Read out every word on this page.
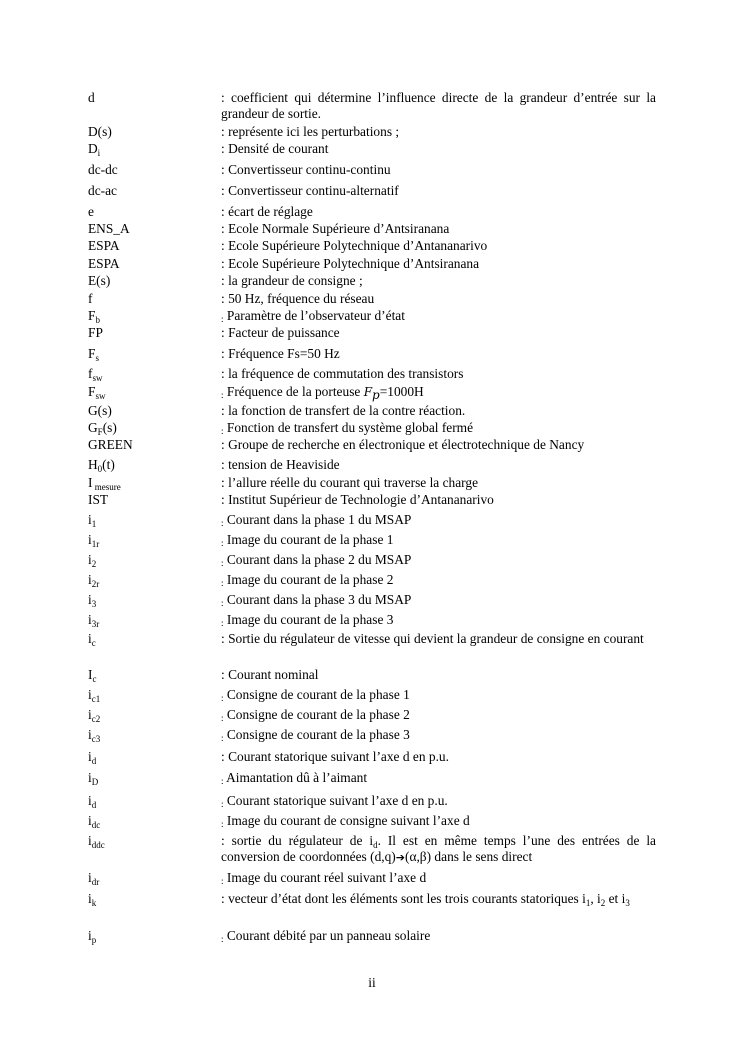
d	: coefficient qui détermine l’influence directe de la grandeur d’entrée sur la grandeur de sortie.
D(s)	: représente ici les perturbations ;
$D_i$	: Densité de courant
dc-dc	: Convertisseur continu-continu
dc-ac	: Convertisseur continu-alternatif
e	: écart de réglage
ENS_A	: Ecole Normale Supérieure d’Antsiranana
ESPA	: Ecole Supérieure Polytechnique d’Antananarivo
ESPA	: Ecole Supérieure Polytechnique d’Antsiranana
E(s)	: la grandeur de consigne ;
f	: 50 Hz, fréquence du réseau
$F_b$	: Paramètre de l’observateur d’état
FP	: Facteur de puissance
$F_s$	: Fréquence Fs=50 Hz
$f_{sw}$	: la fréquence de commutation des transistors
$F_{sw}$	: Fréquence de la porteuse $F_p=1000H$
G(s)	: la fonction de transfert de la contre réaction.
$G_F(s)$	: Fonction de transfert du système global fermé
GREEN	: Groupe de recherche en électronique et électrotechnique de Nancy
$H_0(t)$	: tension de Heaviside
I $_{mesure}$	: l’allure réelle du courant qui traverse la charge
IST	: Institut Supérieur de Technologie d’Antananarivo
$i_1$	: Courant dans la phase 1 du MSAP
$i_{1r}$	: Image du courant de la phase 1
$i_2$	: Courant dans la phase 2 du MSAP
$i_{2r}$	: Image du courant de la phase 2
$i_3$	: Courant dans la phase 3 du MSAP
$i_{3r}$	: Image du courant de la phase 3
$i_c$	: Sortie du régulateur de vitesse qui devient la grandeur de consigne en courant
$I_c$	: Courant nominal
$i_{c1}$	: Consigne de courant de la phase 1
$i_{c2}$	: Consigne de courant de la phase 2
$i_{c3}$	: Consigne de courant de la phase 3
$i_d$	: Courant statorique suivant l’axe d en p.u.
$i_D$	: Aimantation dû à l’aimant
$i_d$	: Courant statorique suivant l’axe d en p.u.
$i_{dc}$	: Image du courant de consigne suivant l’axe d
$i_{ddc}$	: sortie du régulateur de $i_d$. Il est en même temps l’une des entrées de la conversion de coordonnées (d,q)➔(α,β) dans le sens direct
$i_{dr}$	: Image du courant réel suivant l’axe d
$i_k$	: vecteur d’état dont les éléments sont les trois courants statoriques $i_1$, $i_2$ et $i_3$
$i_p$	: Courant débité par un panneau solaire
ii
